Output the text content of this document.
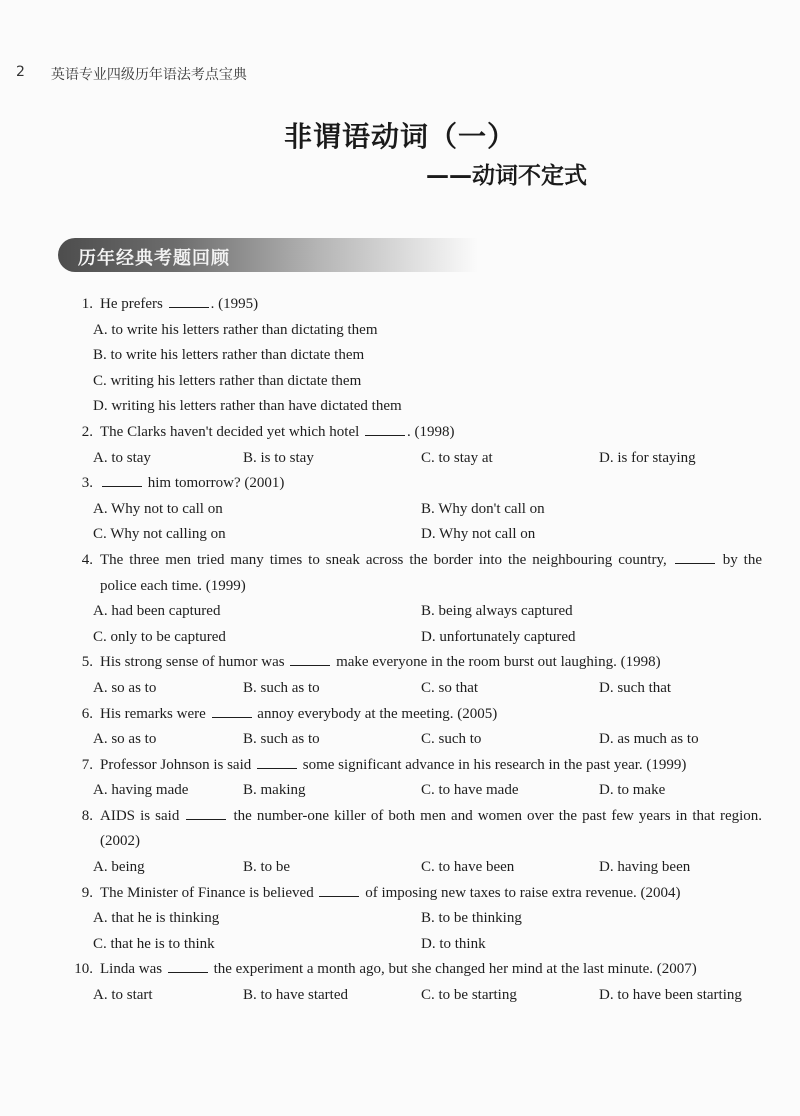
2 英语专业四级历年语法考点宝典
非谓语动词（一）
——动词不定式
历年经典考题回顾
1. He prefers	. (1995)
A. to write his letters rather than dictating them
B. to write his letters rather than dictate them
C. writing his letters rather than dictate them
D. writing his letters rather than have dictated them
2. The Clarks haven't decided yet which hotel	. (1998)
A. to stay	B. is to stay	C. to stay at	D. is for staying
3.	him tomorrow? (2001)
A. Why not to call on	B. Why don't call on
C. Why not calling on	D. Why not call on
4. The three men tried many times to sneak across the border into the neighbouring country,	by the police each time. (1999)
A. had been captured	B. being always captured
C. only to be captured	D. unfortunately captured
5. His strong sense of humor was	make everyone in the room burst out laughing. (1998)
A. so as to	B. such as to	C. so that	D. such that
6. His remarks were	annoy everybody at the meeting. (2005)
A. so as to	B. such as to	C. such to	D. as much as to
7. Professor Johnson is said	some significant advance in his research in the past year. (1999)
A. having made	B. making	C. to have made	D. to make
8. AIDS is said	the number-one killer of both men and women over the past few years in that region. (2002)
A. being	B. to be	C. to have been	D. having been
9. The Minister of Finance is believed	of imposing new taxes to raise extra revenue. (2004)
A. that he is thinking	B. to be thinking
C. that he is to think	D. to think
10. Linda was	the experiment a month ago, but she changed her mind at the last minute. (2007)
A. to start	B. to have started	C. to be starting	D. to have been starting
